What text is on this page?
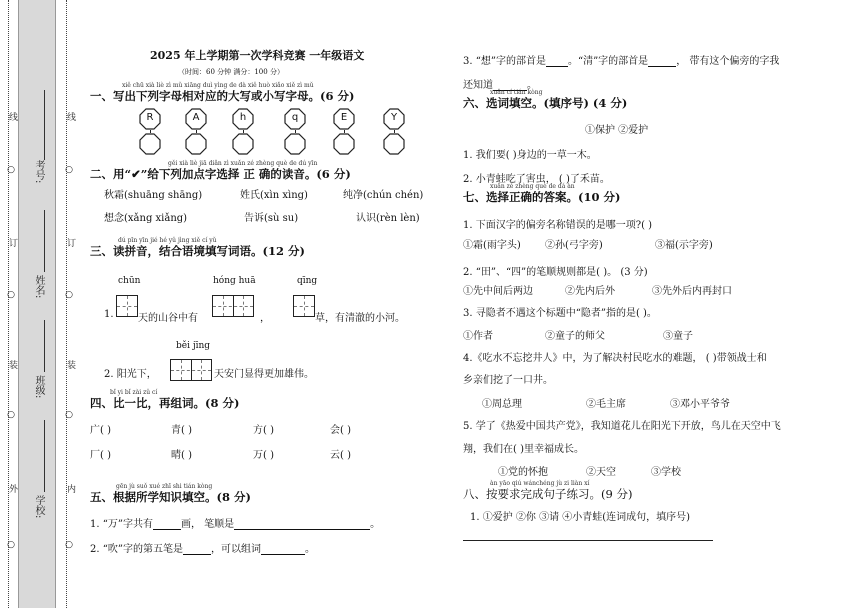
线
○
订
○
装
○
外
○
线
○
订
○
装
○
内
○
考号:
姓名:
班级:
学校:
2025 年上学期第一次学科竞赛 一年级语文
（时间：60 分钟 满分：100 分）
xiě chū xià liè zì mǔ xiāng duì yìng de dà xiě huò xiǎo xiě zì mǔ
一、写出下列字母相对应的大写或小写字母。(6 分)
R	A	h	q	E	Y
gěi xià liè jiā diǎn zì xuǎn zé zhèng què de dú yīn
二、用“✔”给下列加点字选择 正 确的读音。(6 分)
秋霜(shuāng shāng)	姓氏(xìn xìng)	纯净(chún chén)
想念(xǎng xiǎng)	告诉(sù su)	认识(rèn lèn)
dú pīn yīn jié hé yǔ jìng xiě cí yǔ
三、读拼音，结合语境填写词语。(12 分)
chūn	hóng huā	qīng
1. 天的山谷中有	，	草，有清澈的小河。
běi jīng
2. 阳光下，	天安门显得更加雄伟。
bǐ yi bǐ zài zǔ cí
四、比一比，再组词。(8 分)
广( )	青( )	方( )	会( )
厂( )	晴( )	万( )	云( )
gēn jù suǒ xué zhī shi tián kòng
五、根据所学知识填空。(8 分)
1. “万”字共有	画， 笔顺是	。
2. “吹”字的第五笔是	，可以组词	。
3. “想”字的部首是 。“清”字的部首是	， 带有这个偏旁的字我
还知道	。
xuǎn cí tián kòng
六、选词填空。(填序号) (4 分)
①保护 ②爱护
1. 我们要( )身边的一草一木。
2. 小青蛙吃了害虫， ( )了禾苗。
xuǎn zé zhèng què de dá àn
七、选择正确的答案。(10 分)
1. 下面汉字的偏旁名称错误的是哪一项?( )
①霜(雨字头) ②孙(弓字旁)	③福(示字旁)
2. “田”、“四”的笔顺规则都是( )。 (3 分)
①先中间后两边	②先内后外	③先外后内再封口
3. 寻隐者不遇这个标题中“隐者”指的是( )。
①作者	②童子的师父	③童子
4.《吃水不忘挖井人》中，为了解决村民吃水的难题， ( )带领战士和
乡亲们挖了一口井。
①周总理	②毛主席	③邓小平爷爷
5. 学了《热爱中国共产党》，我知道花儿在阳光下开放，鸟儿在天空中飞
翔，我们在( )里幸福成长。
①党的怀抱	②天空	③学校
àn yāo qiú wánchéng jù zi liàn xí
八、按要求完成句子练习。(9 分)
1. ①爱护 ②你 ③请 ④小青蛙(连词成句，填序号)
